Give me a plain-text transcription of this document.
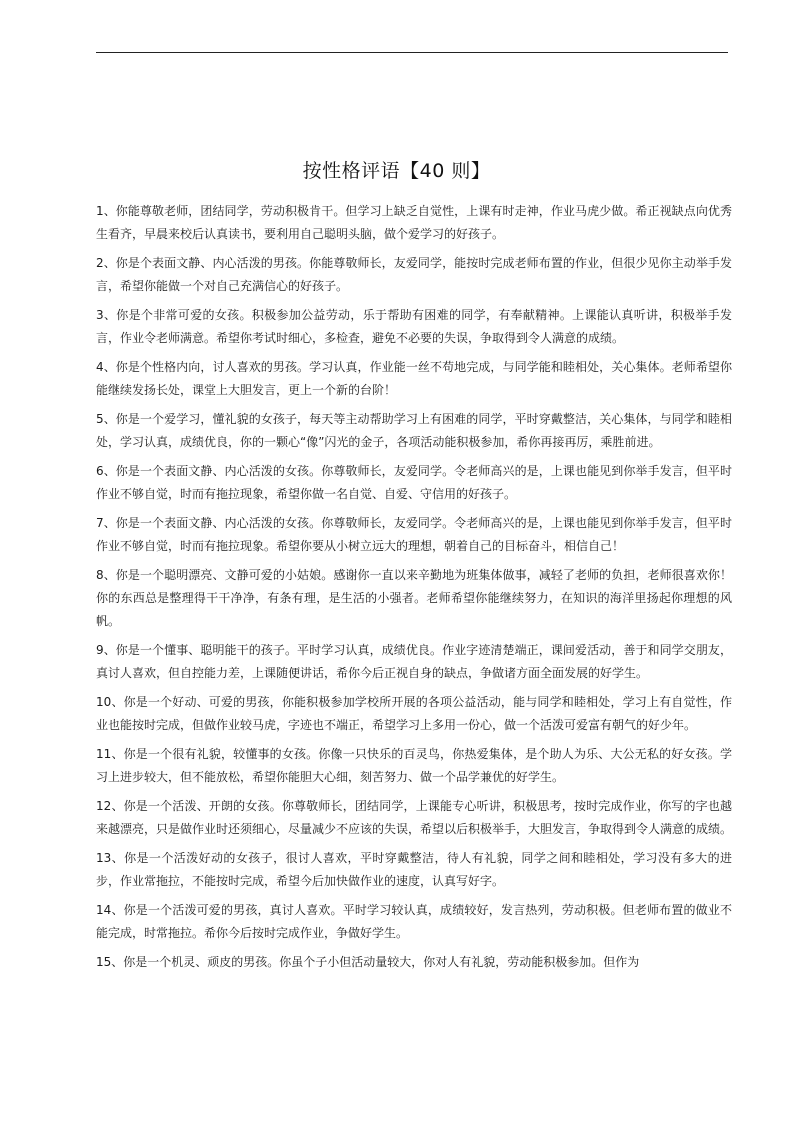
按性格评语【40 则】

1、你能尊敬老师，团结同学，劳动积极肯干。但学习上缺乏自觉性，上课有时走神，作业马虎少做。希正视缺点向优秀生看齐，早晨来校后认真读书，要利用自己聪明头脑，做个爱学习的好孩子。

2、你是个表面文静、内心活泼的男孩。你能尊敬师长，友爱同学，能按时完成老师布置的作业，但很少见你主动举手发言，希望你能做一个对自己充满信心的好孩子。

3、你是个非常可爱的女孩。积极参加公益劳动，乐于帮助有困难的同学，有奉献精神。上课能认真听讲，积极举手发言，作业令老师满意。希望你考试时细心，多检查，避免不必要的失误，争取得到令人满意的成绩。

4、你是个性格内向，讨人喜欢的男孩。学习认真，作业能一丝不苟地完成，与同学能和睦相处，关心集体。老师希望你能继续发扬长处，课堂上大胆发言，更上一个新的台阶！

5、你是一个爱学习，懂礼貌的女孩子，每天等主动帮助学习上有困难的同学，平时穿戴整洁，关心集体，与同学和睦相处，学习认真，成绩优良，你的一颗心“像”闪光的金子，各项活动能积极参加，希你再接再厉，乘胜前进。

6、你是一个表面文静、内心活泼的女孩。你尊敬师长，友爱同学。令老师高兴的是，上课也能见到你举手发言，但平时作业不够自觉，时而有拖拉现象，希望你做一名自觉、自爱、守信用的好孩子。

7、你是一个表面文静、内心活泼的女孩。你尊敬师长，友爱同学。令老师高兴的是，上课也能见到你举手发言，但平时作业不够自觉，时而有拖拉现象。希望你要从小树立远大的理想，朝着自己的目标奋斗，相信自己！

8、你是一个聪明漂亮、文静可爱的小姑娘。感谢你一直以来辛勤地为班集体做事，减轻了老师的负担，老师很喜欢你！你的东西总是整理得干干净净，有条有理，是生活的小强者。老师希望你能继续努力，在知识的海洋里扬起你理想的风帆。

9、你是一个懂事、聪明能干的孩子。平时学习认真，成绩优良。作业字迹清楚端正，课间爱活动，善于和同学交朋友，真讨人喜欢，但自控能力差，上课随便讲话，希你今后正视自身的缺点，争做诸方面全面发展的好学生。

10、你是一个好动、可爱的男孩，你能积极参加学校所开展的各项公益活动，能与同学和睦相处，学习上有自觉性，作业也能按时完成，但做作业较马虎，字迹也不端正，希望学习上多用一份心，做一个活泼可爱富有朝气的好少年。

11、你是一个很有礼貌，较懂事的女孩。你像一只快乐的百灵鸟，你热爱集体，是个助人为乐、大公无私的好女孩。学习上进步较大，但不能放松，希望你能胆大心细，刻苦努力、做一个品学兼优的好学生。

12、你是一个活泼、开朗的女孩。你尊敬师长，团结同学，上课能专心听讲，积极思考，按时完成作业，你写的字也越来越漂亮，只是做作业时还须细心，尽量减少不应该的失误，希望以后积极举手，大胆发言，争取得到令人满意的成绩。

13、你是一个活泼好动的女孩子，很讨人喜欢，平时穿戴整洁，待人有礼貌，同学之间和睦相处，学习没有多大的进步，作业常拖拉，不能按时完成，希望今后加快做作业的速度，认真写好字。

14、你是一个活泼可爱的男孩，真讨人喜欢。平时学习较认真，成绩较好，发言热列，劳动积极。但老师布置的做业不能完成，时常拖拉。希你今后按时完成作业，争做好学生。

15、你是一个机灵、顽皮的男孩。你虽个子小但活动量较大，你对人有礼貌，劳动能积极参加。但作为
